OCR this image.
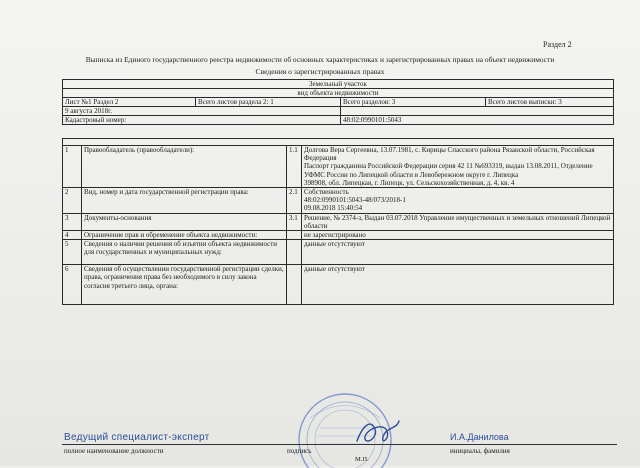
Раздел 2
Выписка из Единого государственного реестра недвижимости об основных характеристиках и зарегистрированных правах на объект недвижимости
Сведения о зарегистрированных правах
Земельный участок			
вид объекта недвижимости			
Лист №1 Раздел 2	Всего листов раздела 2: 1	Всего разделов: 3	Всего листов выписки: 3
9 августа 2018г.			
Кадастровый номер:		48:02:0990101:5043	

1	Правообладатель (правообладатели):	1.1	Долгова Вера Сергеевна, 13.07.1981, с. Кирицы Спасского района Рязанской области, Российская Федерация
Паспорт гражданина Российской Федерации серия 42 11 №693319, выдан 13.08.2011, Отделение УФМС России по Липецкой области в Левобережном округе г. Липецка
398908, обл. Липецкая, г. Липецк, ул. Сельскохозяйственная, д. 4, кв. 4
2	Вид, номер и дата государственной регистрации права:	2.1	Собственность
48:02:0990101:5043-48/073/2018-1
09.08.2018 15:40:54
3	Документы-основания	3.1	Решение, № 2374-з, Выдан 03.07.2018 Управление имущественных и земельных отношений Липецкой области
4	Ограничение прав и обременение объекта недвижимости:		не зарегистрировано
5	Сведения о наличии решения об изъятии объекта недвижимости для государственных и муниципальных нужд:		данные отсутствуют
6	Сведения об осуществлении государственной регистрации сделки, права, ограничения права без необходимого в силу закона согласия третьего лица, органа:		данные отсутствуют
Ведущий специалист-эксперт	И.А.Данилова
полное наименование должности	подпись	инициалы, фамилия
М.П.
